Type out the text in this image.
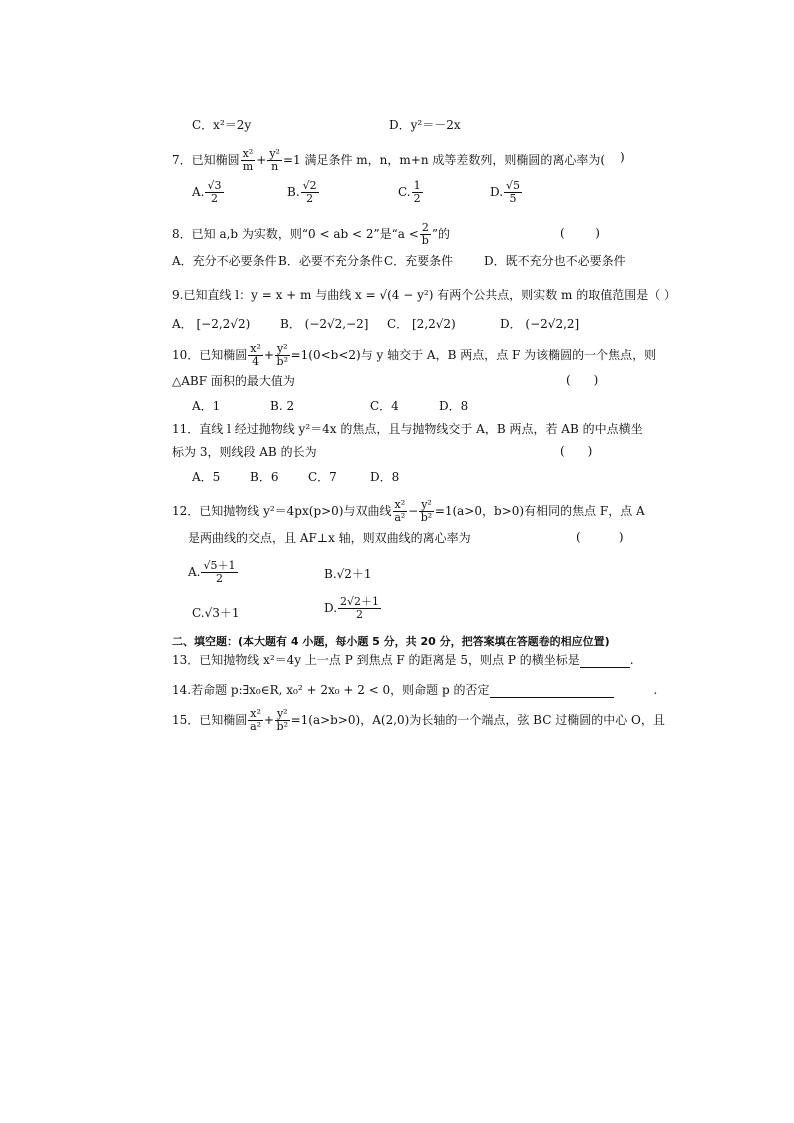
C．x²＝2y	D．y²＝－2x
7．已知椭圆 $\frac{\text{x²}}{m} + \frac{\text{y²}}{n} =1$ 满足条件 m，n，m+n 成等差数列，则椭圆的离心率为( )
A. $\frac{√3}{2}$	B. $\frac{√2}{2}$	C. $\frac{1}{2}$	D. $\frac{√5}{5}$
8．已知 a,b 为实数，则“0 < ab < 2”是“$a < \frac{2}{b}$ ”的	(        )
A．充分不必要条件 B．必要不充分条件 C．充要条件	D．既不充分也不必要条件
9.已知直线 l：y = x + m 与曲线 x = √(4 − y²) 有两个公共点，则实数 m 的取值范围是（ ）
A． [−2,2√2) B． (−2√2,−2] C． [2,2√2)	D． (−2√2,2]
10．已知椭圆 $\frac{\text{x²}}{4} + \frac{\text{y²}}{\text{b²}} =1(0<b<2)$与 y 轴交于 A，B 两点，点 F 为该椭圆的一个焦点，则
△ABF 面积的最大值为	(      )
A．1	B. 2	C．4	D．8
11．直线 l 经过抛物线 y²＝4x 的焦点，且与抛物线交于 A，B 两点，若 AB 的中点横坐
标为 3，则线段 AB 的长为	(      )
A．5 B．6 C．7	D．8
12．已知抛物线 y²＝4px(p>0)与双曲线 $\frac{\text{x²}}{\text{a²}} - \frac{\text{y²}}{\text{b²}} =1(a>0$，b>0)有相同的焦点 F，点 A
是两曲线的交点，且 AF⊥x 轴，则双曲线的离心率为	(          )
A. $\frac{√5+1}{2}$	B.√2＋1
C.√3＋1	D. $\frac{2√2+1}{2}$
二、填空题：(本大题有 4 小题，每小题 5 分，共 20 分，把答案填在答题卷的相应位置)
13．已知抛物线 x²＝4y 上一点 P 到焦点 F 的距离是 5，则点 P 的横坐标是	.
14.若命题 p:∃x₀∈R, x₀² + 2x₀ + 2 < 0，则命题 p 的否定	.
15．已知椭圆 $\frac{\text{x²}}{\text{a²}} + \frac{\text{y²}}{\text{b²}} =1(a>b>0)$，A(2,0)为长轴的一个端点，弦 BC 过椭圆的中心 O，且
